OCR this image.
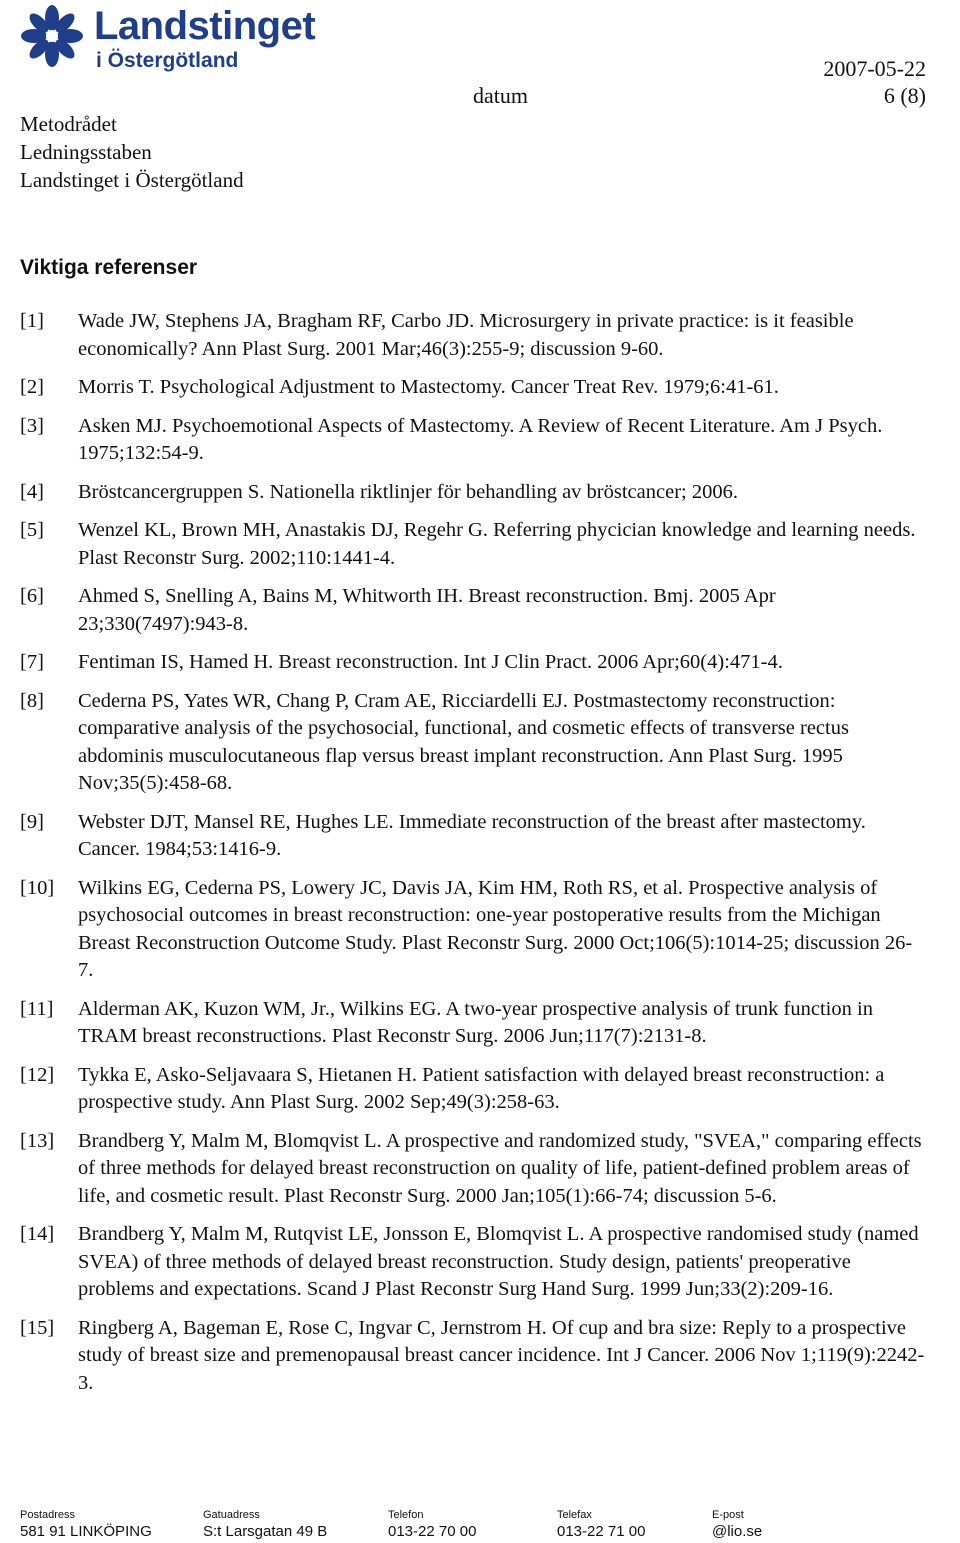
Landstinget
i Östergötland	2007-05-22
datum	6 (8)
Metodrådet
Ledningsstaben
Landstinget i Östergötland
Viktiga referenser
[1] Wade JW, Stephens JA, Bragham RF, Carbo JD. Microsurgery in private practice: is it feasible economically? Ann Plast Surg. 2001 Mar;46(3):255-9; discussion 9-60.
[2] Morris T. Psychological Adjustment to Mastectomy. Cancer Treat Rev. 1979;6:41-61.
[3] Asken MJ. Psychoemotional Aspects of Mastectomy. A Review of Recent Literature. Am J Psych. 1975;132:54-9.
[4] Bröstcancergruppen S. Nationella riktlinjer för behandling av bröstcancer; 2006.
[5] Wenzel KL, Brown MH, Anastakis DJ, Regehr G. Referring phycician knowledge and learning needs. Plast Reconstr Surg. 2002;110:1441-4.
[6] Ahmed S, Snelling A, Bains M, Whitworth IH. Breast reconstruction. Bmj. 2005 Apr 23;330(7497):943-8.
[7] Fentiman IS, Hamed H. Breast reconstruction. Int J Clin Pract. 2006 Apr;60(4):471-4.
[8] Cederna PS, Yates WR, Chang P, Cram AE, Ricciardelli EJ. Postmastectomy reconstruction: comparative analysis of the psychosocial, functional, and cosmetic effects of transverse rectus abdominis musculocutaneous flap versus breast implant reconstruction. Ann Plast Surg. 1995 Nov;35(5):458-68.
[9] Webster DJT, Mansel RE, Hughes LE. Immediate reconstruction of the breast after mastectomy. Cancer. 1984;53:1416-9.
[10] Wilkins EG, Cederna PS, Lowery JC, Davis JA, Kim HM, Roth RS, et al. Prospective analysis of psychosocial outcomes in breast reconstruction: one-year postoperative results from the Michigan Breast Reconstruction Outcome Study. Plast Reconstr Surg. 2000 Oct;106(5):1014-25; discussion 26-7.
[11] Alderman AK, Kuzon WM, Jr., Wilkins EG. A two-year prospective analysis of trunk function in TRAM breast reconstructions. Plast Reconstr Surg. 2006 Jun;117(7):2131-8.
[12] Tykka E, Asko-Seljavaara S, Hietanen H. Patient satisfaction with delayed breast reconstruction: a prospective study. Ann Plast Surg. 2002 Sep;49(3):258-63.
[13] Brandberg Y, Malm M, Blomqvist L. A prospective and randomized study, "SVEA," comparing effects of three methods for delayed breast reconstruction on quality of life, patient-defined problem areas of life, and cosmetic result. Plast Reconstr Surg. 2000 Jan;105(1):66-74; discussion 5-6.
[14] Brandberg Y, Malm M, Rutqvist LE, Jonsson E, Blomqvist L. A prospective randomised study (named SVEA) of three methods of delayed breast reconstruction. Study design, patients' preoperative problems and expectations. Scand J Plast Reconstr Surg Hand Surg. 1999 Jun;33(2):209-16.
[15] Ringberg A, Bageman E, Rose C, Ingvar C, Jernstrom H. Of cup and bra size: Reply to a prospective study of breast size and premenopausal breast cancer incidence. Int J Cancer. 2006 Nov 1;119(9):2242-3.
Postadress
581 91 LINKÖPING
Gatuadress
S:t Larsgatan 49 B
Telefon
013-22 70 00
Telefax
013-22 71 00
E-post
@lio.se
